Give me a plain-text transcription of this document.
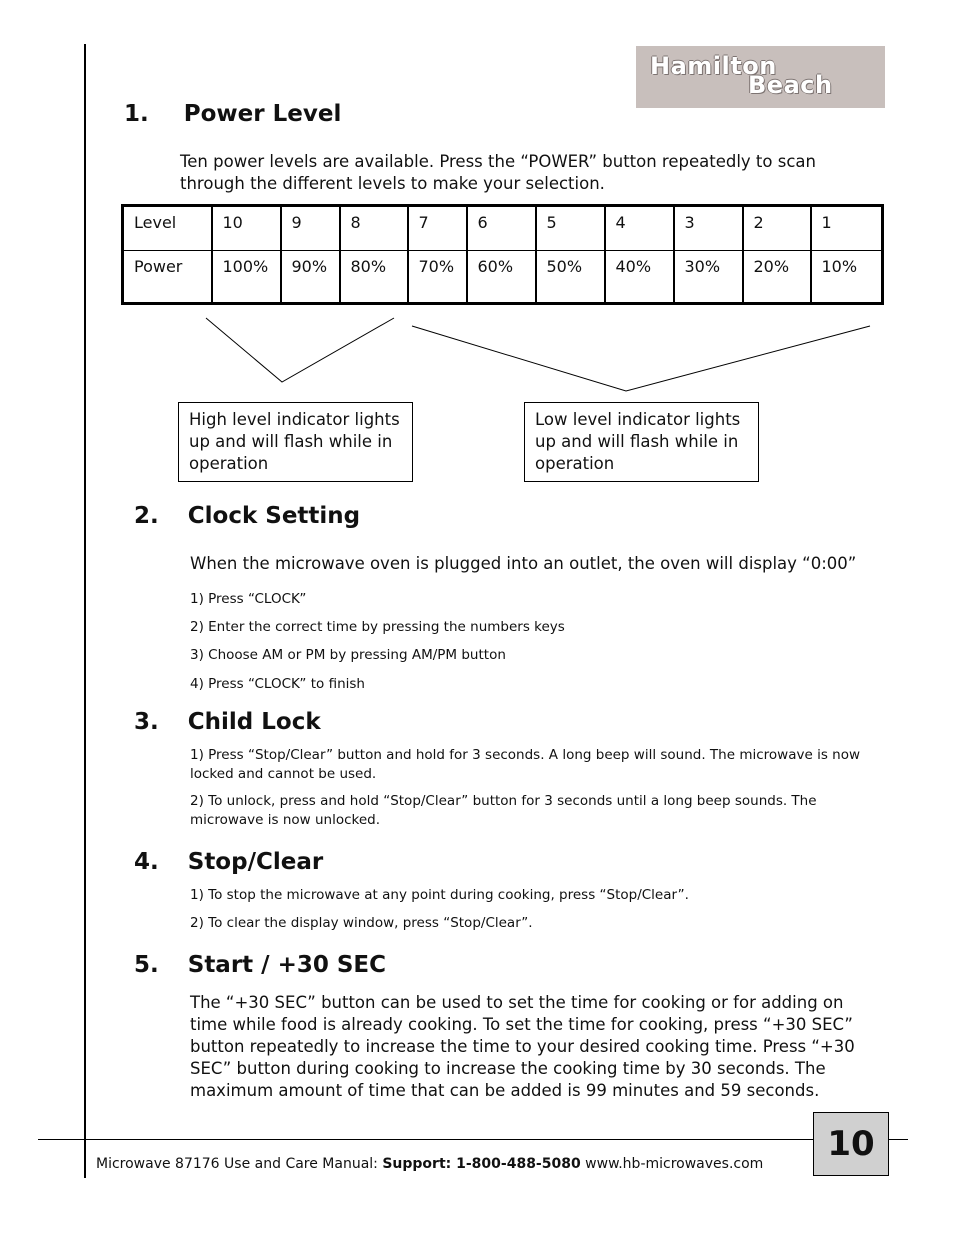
Hamilton
Beach
1. Power Level
Ten power levels are available. Press the “POWER” button repeatedly to scan through the different levels to make your selection.
Level	10	9	8	7	6	5	4	3	2	1
Power	100%	90%	80%	70%	60%	50%	40%	30%	20%	10%
High level indicator lights up and will flash while in operation
Low level indicator lights up and will flash while in operation
2. Clock Setting
When the microwave oven is plugged into an outlet, the oven will display “0:00”
1) Press “CLOCK”
2) Enter the correct time by pressing the numbers keys
3) Choose AM or PM by pressing AM/PM button
4) Press “CLOCK” to finish
3. Child Lock
1) Press “Stop/Clear” button and hold for 3 seconds. A long beep will sound. The microwave is now locked and cannot be used.
2) To unlock, press and hold “Stop/Clear” button for 3 seconds until a long beep sounds. The microwave is now unlocked.
4. Stop/Clear
1) To stop the microwave at any point during cooking, press “Stop/Clear”.
2) To clear the display window, press “Stop/Clear”.
5. Start / +30 SEC
The “+30 SEC” button can be used to set the time for cooking or for adding on time while food is already cooking. To set the time for cooking, press “+30 SEC” button repeatedly to increase the time to your desired cooking time. Press “+30 SEC” button during cooking to increase the cooking time by 30 seconds. The maximum amount of time that can be added is 99 minutes and 59 seconds.
Microwave 87176 Use and Care Manual: Support: 1-800-488-5080 www.hb-microwaves.com	10
